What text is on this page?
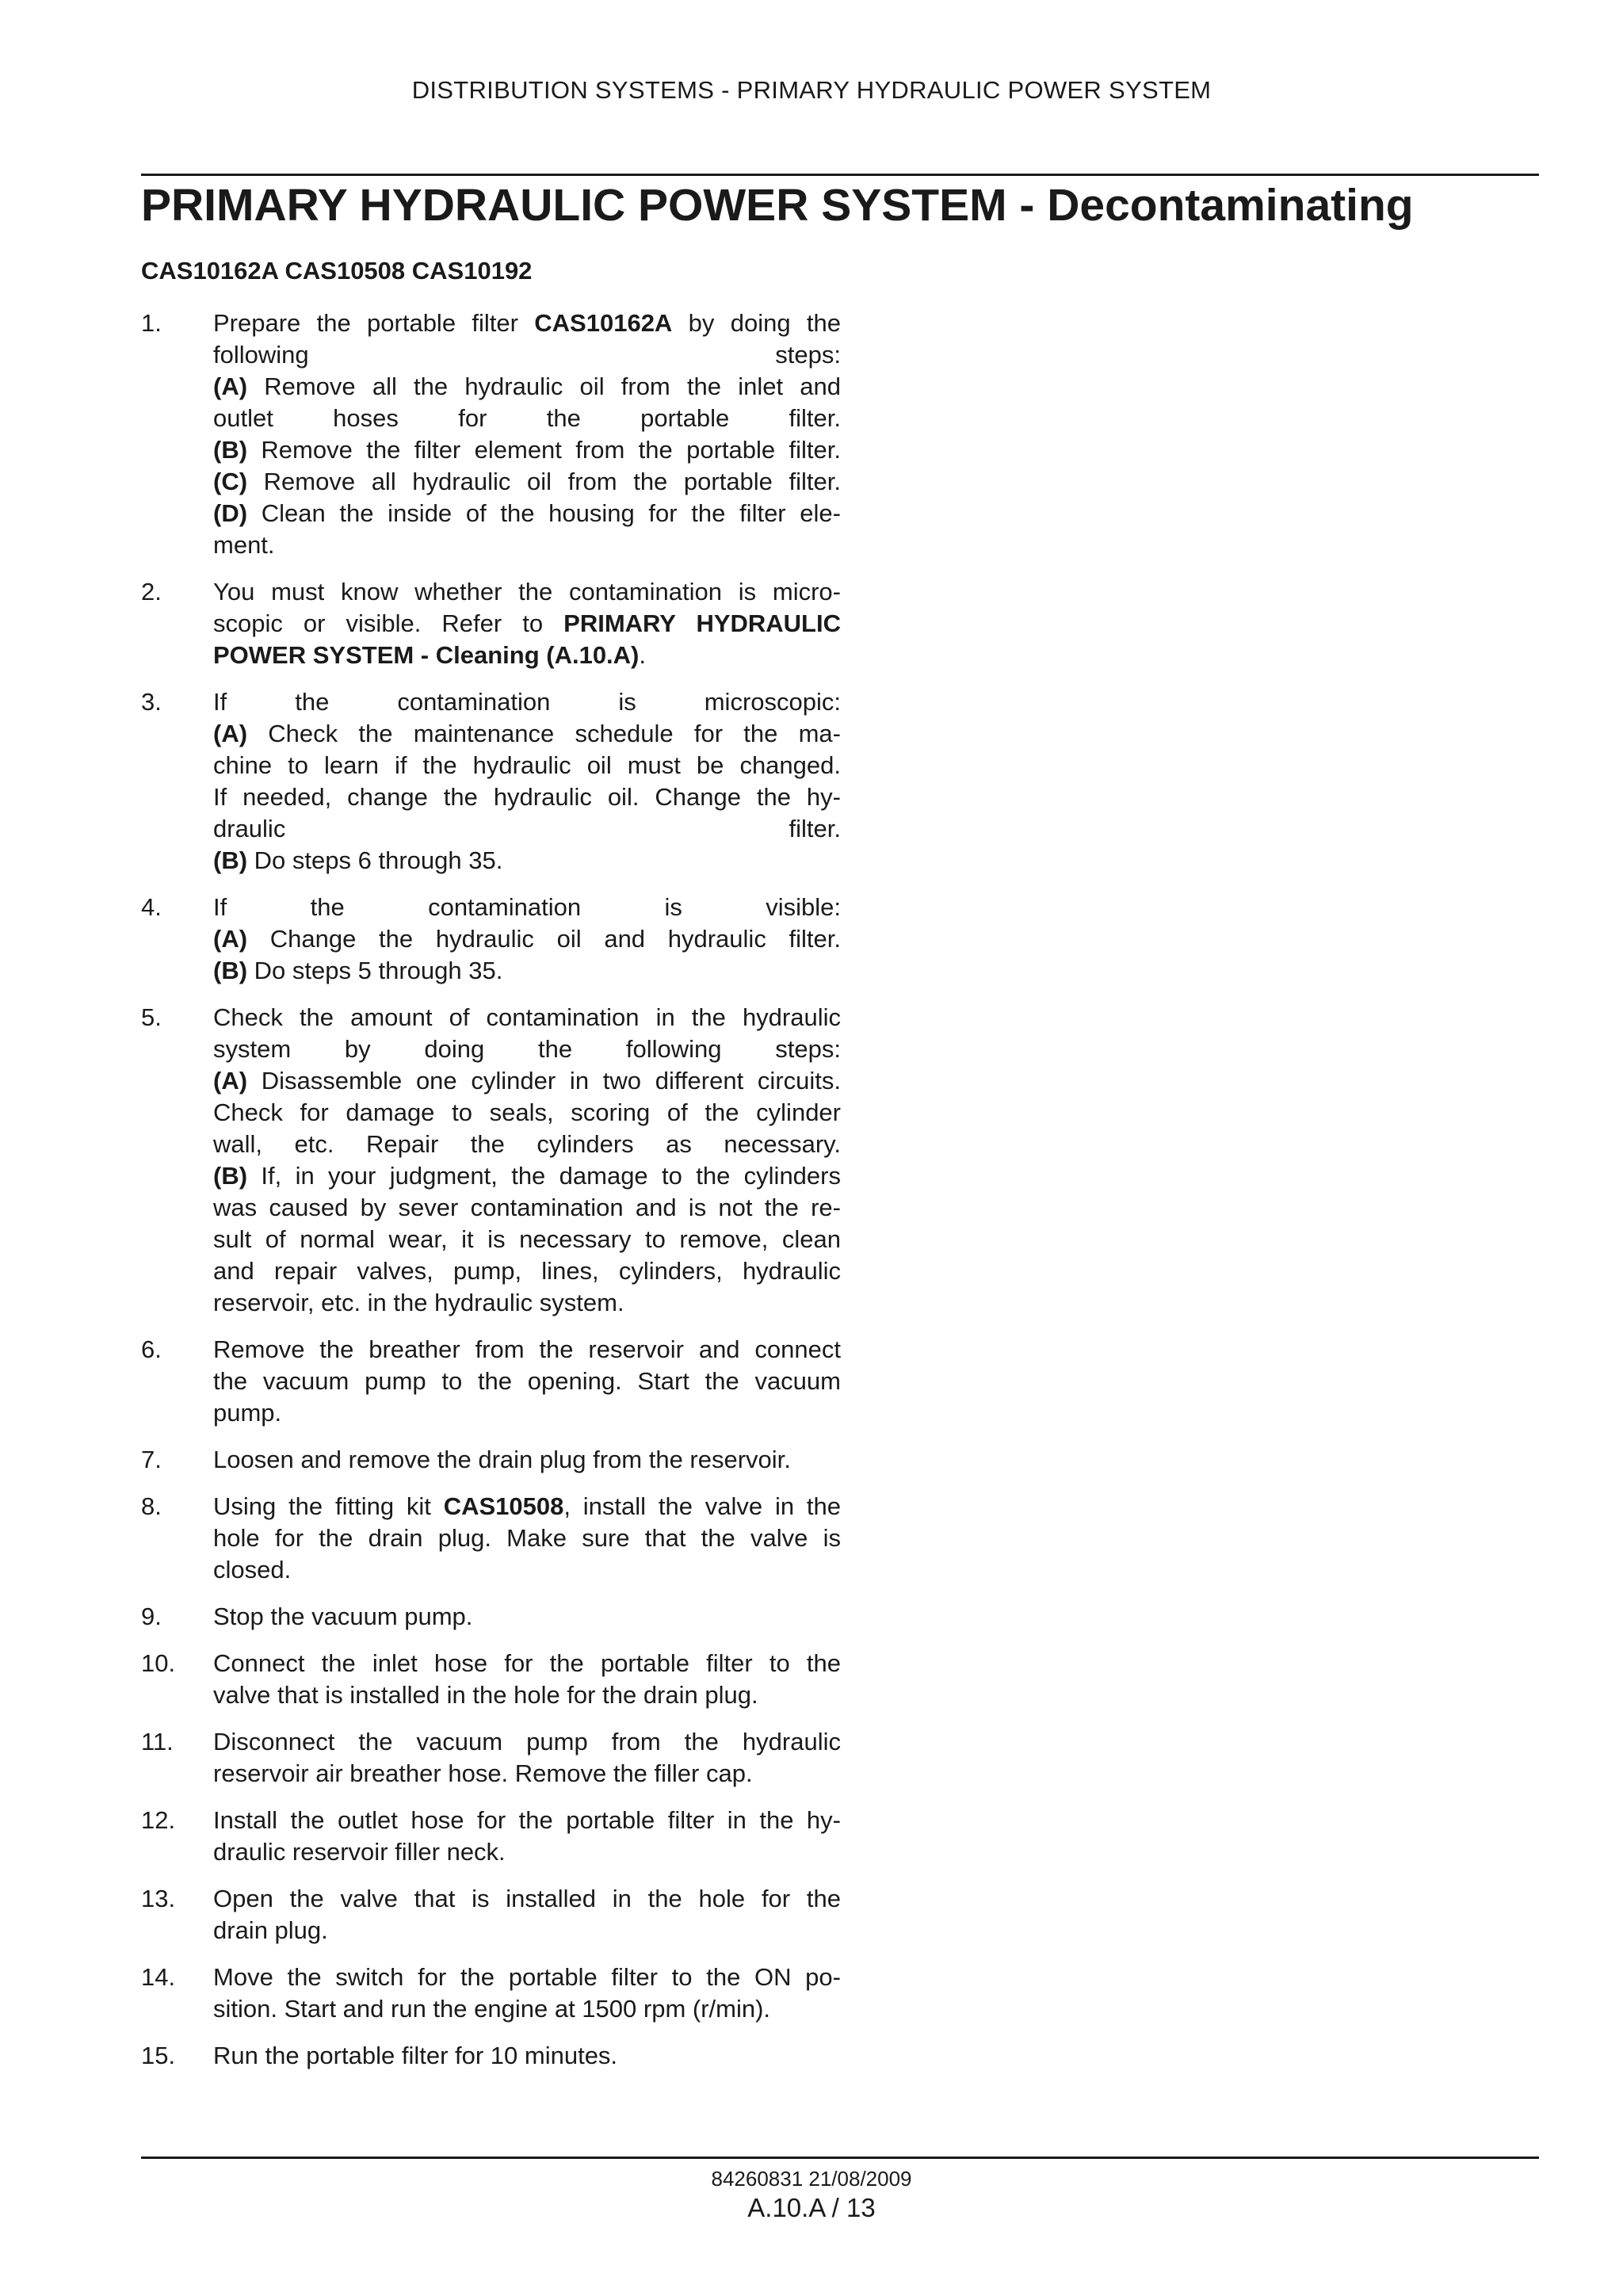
DISTRIBUTION SYSTEMS - PRIMARY HYDRAULIC POWER SYSTEM
PRIMARY HYDRAULIC POWER SYSTEM - Decontaminating
CAS10162A CAS10508 CAS10192
1. Prepare the portable filter CAS10162A by doing the
following steps:
(A) Remove all the hydraulic oil from the inlet and
outlet hoses for the portable filter.
(B) Remove the filter element from the portable filter.
(C) Remove all hydraulic oil from the portable filter.
(D) Clean the inside of the housing for the filter ele-
ment.
2. You must know whether the contamination is micro-
scopic or visible. Refer to PRIMARY HYDRAULIC
POWER SYSTEM - Cleaning (A.10.A).
3. If the contamination is microscopic:
(A) Check the maintenance schedule for the ma-
chine to learn if the hydraulic oil must be changed.
If needed, change the hydraulic oil. Change the hy-
draulic filter.
(B) Do steps 6 through 35.
4. If the contamination is visible:
(A) Change the hydraulic oil and hydraulic filter.
(B) Do steps 5 through 35.
5. Check the amount of contamination in the hydraulic
system by doing the following steps:
(A) Disassemble one cylinder in two different circuits.
Check for damage to seals, scoring of the cylinder
wall, etc. Repair the cylinders as necessary.
(B) If, in your judgment, the damage to the cylinders
was caused by sever contamination and is not the re-
sult of normal wear, it is necessary to remove, clean
and repair valves, pump, lines, cylinders, hydraulic
reservoir, etc. in the hydraulic system.
6. Remove the breather from the reservoir and connect
the vacuum pump to the opening. Start the vacuum
pump.
7. Loosen and remove the drain plug from the reservoir.
8. Using the fitting kit CAS10508, install the valve in the
hole for the drain plug. Make sure that the valve is
closed.
9. Stop the vacuum pump.
10. Connect the inlet hose for the portable filter to the
valve that is installed in the hole for the drain plug.
11. Disconnect the vacuum pump from the hydraulic
reservoir air breather hose. Remove the filler cap.
12. Install the outlet hose for the portable filter in the hy-
draulic reservoir filler neck.
13. Open the valve that is installed in the hole for the
drain plug.
14. Move the switch for the portable filter to the ON po-
sition. Start and run the engine at 1500 rpm (r/min).
15. Run the portable filter for 10 minutes.
84260831 21/08/2009
A.10.A / 13
